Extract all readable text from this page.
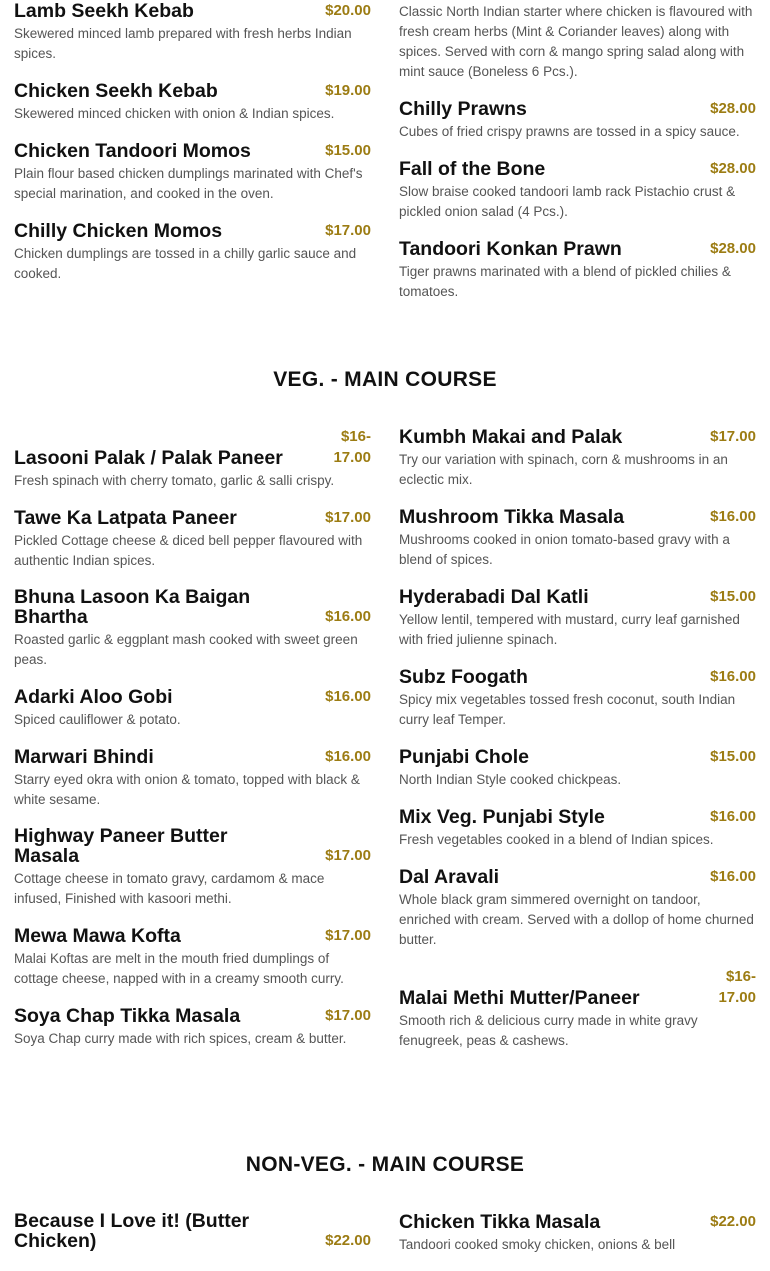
Lamb Seekh Kebab	$20.00
Skewered minced lamb prepared with fresh herbs Indian spices.
Chicken Seekh Kebab	$19.00
Skewered minced chicken with onion & Indian spices.
Chicken Tandoori Momos	$15.00
Plain flour based chicken dumplings marinated with Chef's special marination, and cooked in the oven.
Chilly Chicken Momos	$17.00
Chicken dumplings are tossed in a chilly garlic sauce and cooked.
Classic North Indian starter where chicken is flavoured with fresh cream herbs (Mint & Coriander leaves) along with spices. Served with corn & mango spring salad along with mint sauce (Boneless 6 Pcs.).
Chilly Prawns	$28.00
Cubes of fried crispy prawns are tossed in a spicy sauce.
Fall of the Bone	$28.00
Slow braise cooked tandoori lamb rack Pistachio crust & pickled onion salad (4 Pcs.).
Tandoori Konkan Prawn	$28.00
Tiger prawns marinated with a blend of pickled chilies & tomatoes.
VEG. - MAIN COURSE
Lasooni Palak / Palak Paneer
$16-
17.00
Fresh spinach with cherry tomato, garlic & salli crispy.
Tawe Ka Latpata Paneer	$17.00
Pickled Cottage cheese & diced bell pepper flavoured with authentic Indian spices.
Bhuna Lasoon Ka Baigan Bhartha	$16.00
Roasted garlic & eggplant mash cooked with sweet green peas.
Adarki Aloo Gobi	$16.00
Spiced cauliflower & potato.
Marwari Bhindi	$16.00
Starry eyed okra with onion & tomato, topped with black & white sesame.
Highway Paneer Butter Masala	$17.00
Cottage cheese in tomato gravy, cardamom & mace infused, Finished with kasoori methi.
Mewa Mawa Kofta	$17.00
Malai Koftas are melt in the mouth fried dumplings of cottage cheese, napped with in a creamy smooth curry.
Soya Chap Tikka Masala	$17.00
Soya Chap curry made with rich spices, cream & butter.
Kumbh Makai and Palak	$17.00
Try our variation with spinach, corn & mushrooms in an eclectic mix.
Mushroom Tikka Masala	$16.00
Mushrooms cooked in onion tomato-based gravy with a blend of spices.
Hyderabadi Dal Katli	$15.00
Yellow lentil, tempered with mustard, curry leaf garnished with fried julienne spinach.
Subz Foogath	$16.00
Spicy mix vegetables tossed fresh coconut, south Indian curry leaf Temper.
Punjabi Chole	$15.00
North Indian Style cooked chickpeas.
Mix Veg. Punjabi Style	$16.00
Fresh vegetables cooked in a blend of Indian spices.
Dal Aravali	$16.00
Whole black gram simmered overnight on tandoor, enriched with cream. Served with a dollop of home churned butter.
Malai Methi Mutter/Paneer
$16-
17.00
Smooth rich & delicious curry made in white gravy fenugreek, peas & cashews.
NON-VEG. - MAIN COURSE
Because I Love it! (Butter Chicken)	$22.00
Chicken Tikka Masala	$22.00
Tandoori cooked smoky chicken, onions & bell
